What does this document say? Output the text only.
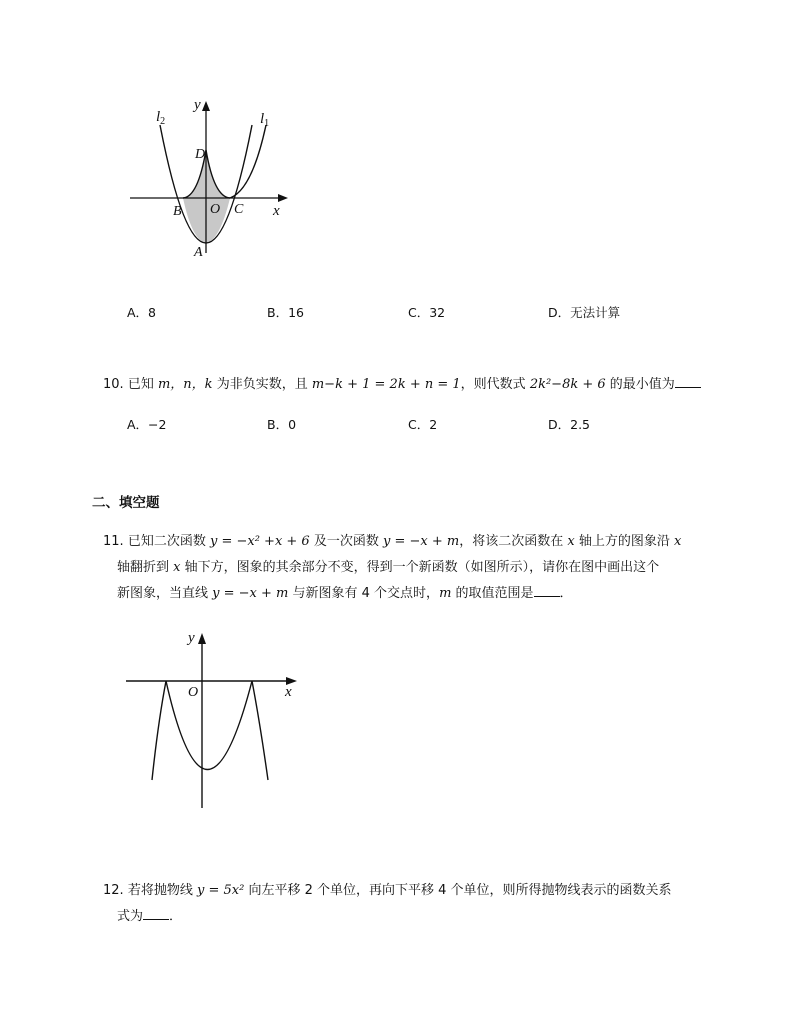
$l_2$	$l_1$
y
x
D
B O C
A
A．8	B．16	C．32	D．无法计算
10. 已知 m，n，k 为非负实数，且 m−k + 1 = 2k + n = 1，则代数式 2k²−8k + 6 的最小值为
A．−2	B．0	C．2	D．2.5
二、填空题
11. 已知二次函数 y = −x² +x + 6 及一次函数 y = −x + m，将该二次函数在 x 轴上方的图象沿 x
轴翻折到 x 轴下方，图象的其余部分不变，得到一个新函数（如图所示），请你在图中画出这个
新图象，当直线 y = −x + m 与新图象有 4 个交点时，m 的取值范围是 ．
y
O	x
12. 若将抛物线 y = 5x² 向左平移 2 个单位，再向下平移 4 个单位，则所得抛物线表示的函数关系
式为 ．
